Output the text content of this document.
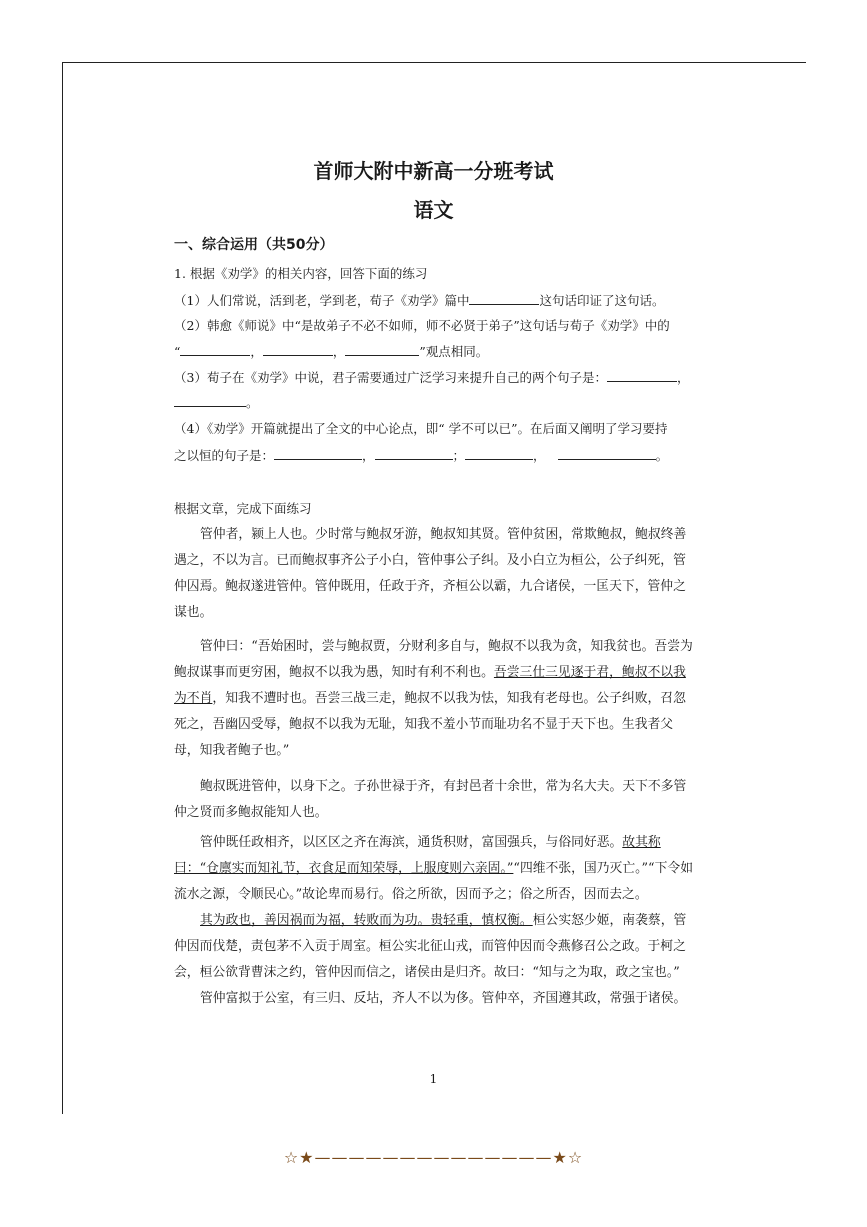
首师大附中新高一分班考试
语文
一、综合运用（共50分）
1. 根据《劝学》的相关内容，回答下面的练习
（1）人们常说，活到老，学到老，荀子《劝学》篇中	这句话印证了这句话。
（2）韩愈《师说》中“是故弟子不必不如师，师不必贤于弟子”这句话与荀子《劝学》中的
“	，	，	”观点相同。
（3）荀子在《劝学》中说，君子需要通过广泛学习来提升自己的两个句子是：	，
。
（4）《劝学》开篇就提出了全文的中心论点，即“ 学不可以已”。在后面又阐明了学习要持
之以恒的句子是：	，	；	，	。
根据文章，完成下面练习
管仲者，颍上人也。少时常与鲍叔牙游，鲍叔知其贤。管仲贫困，常欺鲍叔，鲍叔终善遇之，不以为言。已而鲍叔事齐公子小白，管仲事公子纠。及小白立为桓公，公子纠死，管仲囚焉。鲍叔遂进管仲。管仲既用，任政于齐，齐桓公以霸，九合诸侯，一匡天下，管仲之谋也。
管仲曰：“吾始困时，尝与鲍叔贾，分财利多自与，鲍叔不以我为贪，知我贫也。吾尝为鲍叔谋事而更穷困，鲍叔不以我为愚，知时有利不利也。吾尝三仕三见逐于君，鲍叔不以我为不肖，知我不遭时也。吾尝三战三走，鲍叔不以我为怯，知我有老母也。公子纠败，召忽死之，吾幽囚受辱，鲍叔不以我为无耻，知我不羞小节而耻功名不显于天下也。生我者父母，知我者鲍子也。”
鲍叔既进管仲，以身下之。子孙世禄于齐，有封邑者十余世，常为名大夫。天下不多管仲之贤而多鲍叔能知人也。
管仲既任政相齐，以区区之齐在海滨，通货积财，富国强兵，与俗同好恶。故其称曰：“仓廪实而知礼节，衣食足而知荣辱，上服度则六亲固。”“四维不张，国乃灭亡。”“下令如流水之源，令顺民心。”故论卑而易行。俗之所欲，因而予之；俗之所否，因而去之。
其为政也，善因祸而为福，转败而为功。贵轻重，慎权衡。桓公实怒少姬，南袭蔡，管仲因而伐楚，责包茅不入贡于周室。桓公实北征山戎，而管仲因而令燕修召公之政。于柯之会，桓公欲背曹沫之约，管仲因而信之，诸侯由是归齐。故曰：“知与之为取，政之宝也。”
管仲富拟于公室，有三归、反坫，齐人不以为侈。管仲卒，齐国遵其政，常强于诸侯。
1
☆★——————————————★☆
